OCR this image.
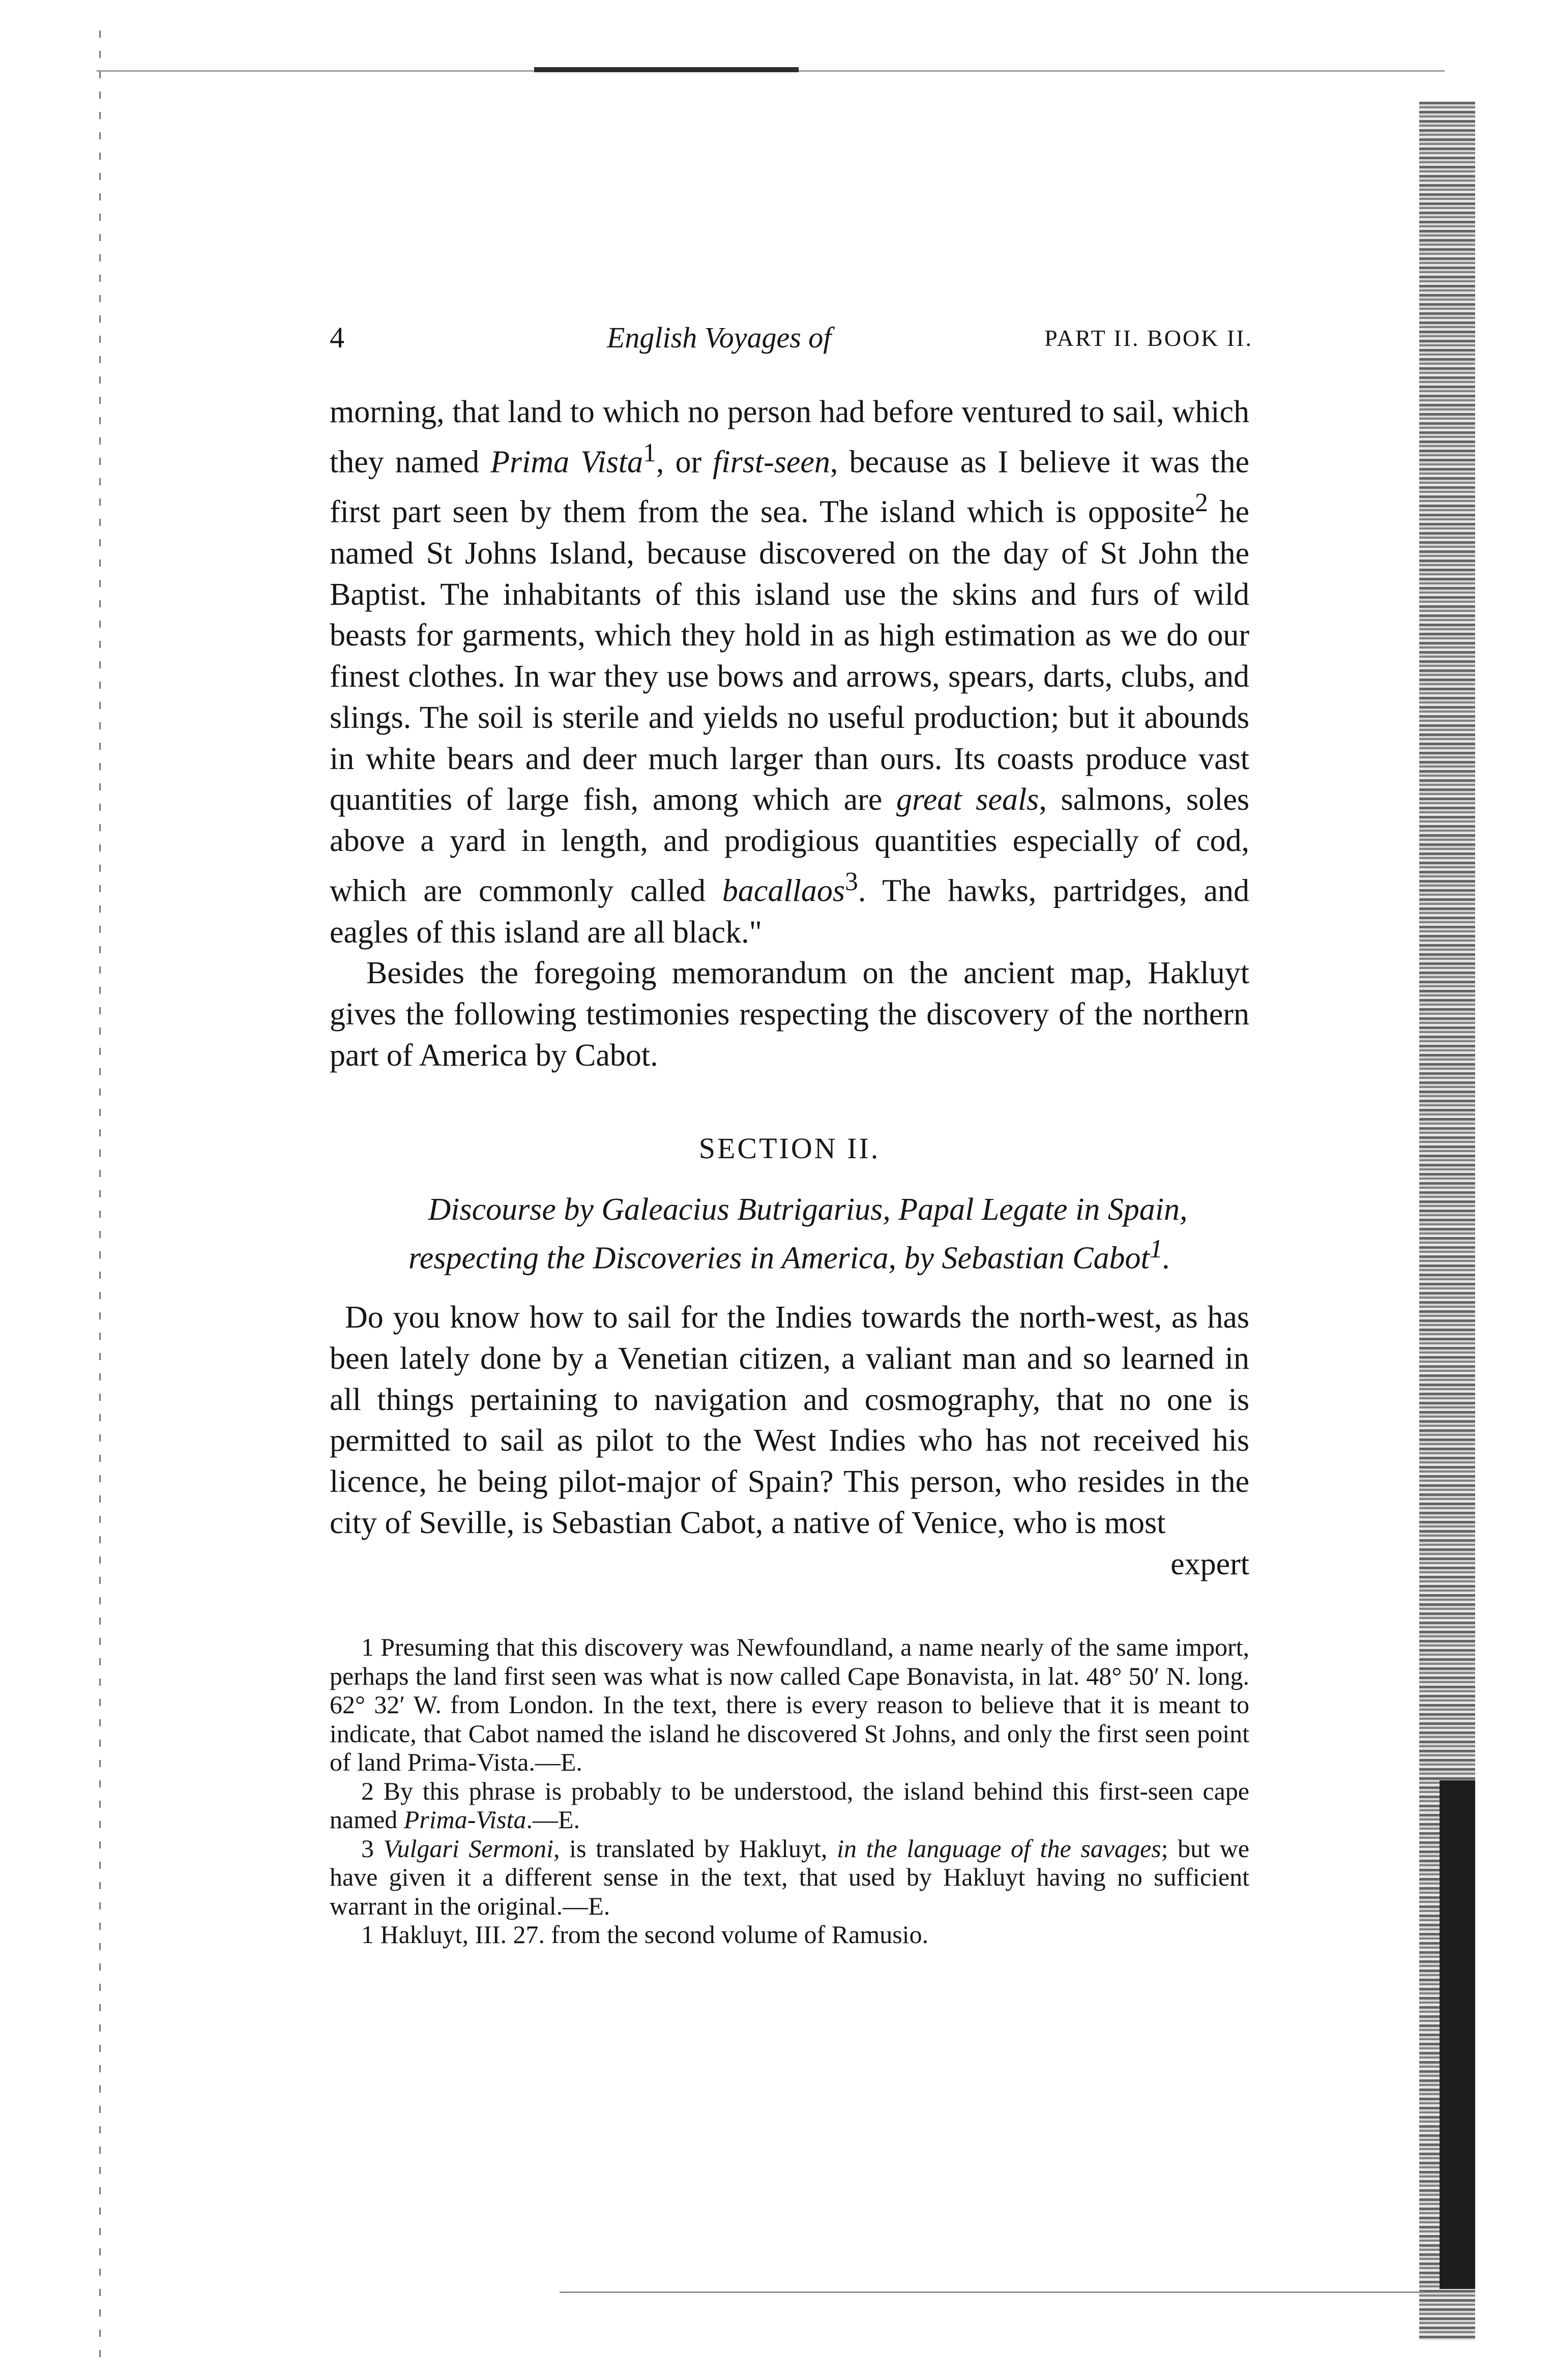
4	English Voyages of	PART II. BOOK II.

morning, that land to which no person had before ventured to sail, which they named Prima Vista$^1$, or first-seen, because as I believe it was the first part seen by them from the sea. The island which is opposite$^2$ he named St Johns Island, because discovered on the day of St John the Baptist. The inhabitants of this island use the skins and furs of wild beasts for garments, which they hold in as high estimation as we do our finest clothes. In war they use bows and arrows, spears, darts, clubs, and slings. The soil is sterile and yields no useful production; but it abounds in white bears and deer much larger than ours. Its coasts produce vast quantities of large fish, among which are great seals, salmons, soles above a yard in length, and prodigious quantities especially of cod, which are commonly called bacallaos$^3$. The hawks, partridges, and eagles of this island are all black."

Besides the foregoing memorandum on the ancient map, Hakluyt gives the following testimonies respecting the discovery of the northern part of America by Cabot.

SECTION II.

Discourse by Galeacius Butrigarius, Papal Legate in Spain, respecting the Discoveries in America, by Sebastian Cabot$^1$.

Do you know how to sail for the Indies towards the north-west, as has been lately done by a Venetian citizen, a valiant man and so learned in all things pertaining to navigation and cosmography, that no one is permitted to sail as pilot to the West Indies who has not received his licence, he being pilot-major of Spain? This person, who resides in the city of Seville, is Sebastian Cabot, a native of Venice, who is most

expert

1 Presuming that this discovery was Newfoundland, a name nearly of the same import, perhaps the land first seen was what is now called Cape Bonavista, in lat. 48° 50′ N. long. 62° 32′ W. from London. In the text, there is every reason to believe that it is meant to indicate, that Cabot named the island he discovered St Johns, and only the first seen point of land Prima-Vista.—E.

2 By this phrase is probably to be understood, the island behind this first-seen cape named Prima-Vista.—E.

3 Vulgari Sermoni, is translated by Hakluyt, in the language of the savages; but we have given it a different sense in the text, that used by Hakluyt having no sufficient warrant in the original.—E.

1 Hakluyt, III. 27. from the second volume of Ramusio.
